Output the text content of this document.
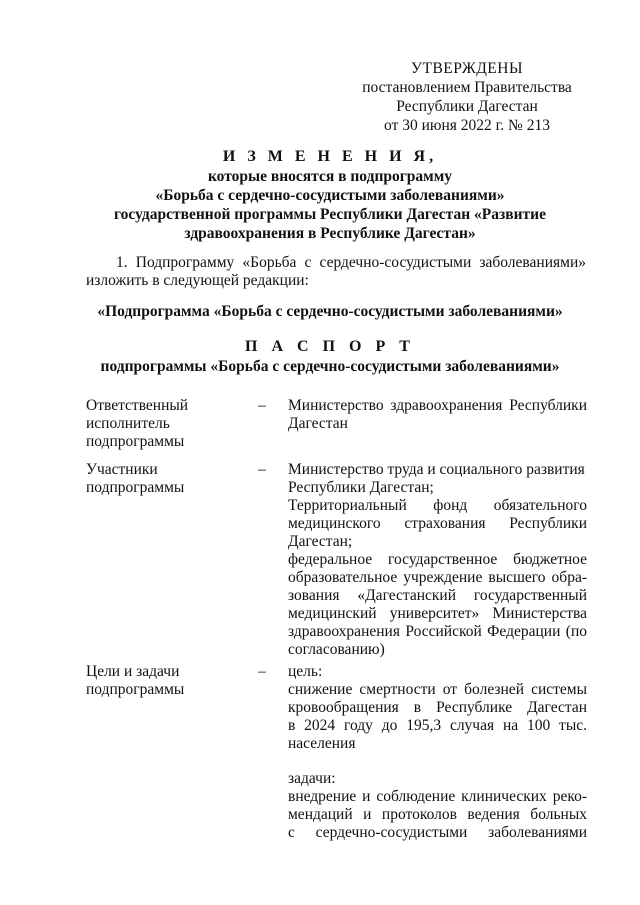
УТВЕРЖДЕНЫ
постановлением Правительства
Республики Дагестан
от 30 июня 2022 г. № 213
И З М Е Н Е Н И Я,
которые вносятся в подпрограмму
«Борьба с сердечно-сосудистыми заболеваниями»
государственной программы Республики Дагестан «Развитие
здравоохранения в Республике Дагестан»
1. Подпрограмму «Борьба с сердечно-сосудистыми заболеваниями»
изложить в следующей редакции:
«Подпрограмма «Борьба с сердечно-сосудистыми заболеваниями»
П А С П О Р Т
подпрограммы «Борьба с сердечно-сосудистыми заболеваниями»
Ответственный
исполнитель
подпрограммы
– Министерство здравоохранения Республики
Дагестан
Участники
подпрограммы
– Министерство труда и социального развития
Республики Дагестан;
Территориальный фонд обязательного
медицинского страхования Республики
Дагестан;
федеральное государственное бюджетное
образовательное учреждение высшего обра-
зования «Дагестанский государственный
медицинский университет» Министерства
здравоохранения Российской Федерации (по
согласованию)
Цели и задачи
подпрограммы
– цель:
снижение смертности от болезней системы
кровообращения в Республике Дагестан
в 2024 году до 195,3 случая на 100 тыс.
населения
задачи:
внедрение и соблюдение клинических реко-
мендаций и протоколов ведения больных
с сердечно-сосудистыми заболеваниями
